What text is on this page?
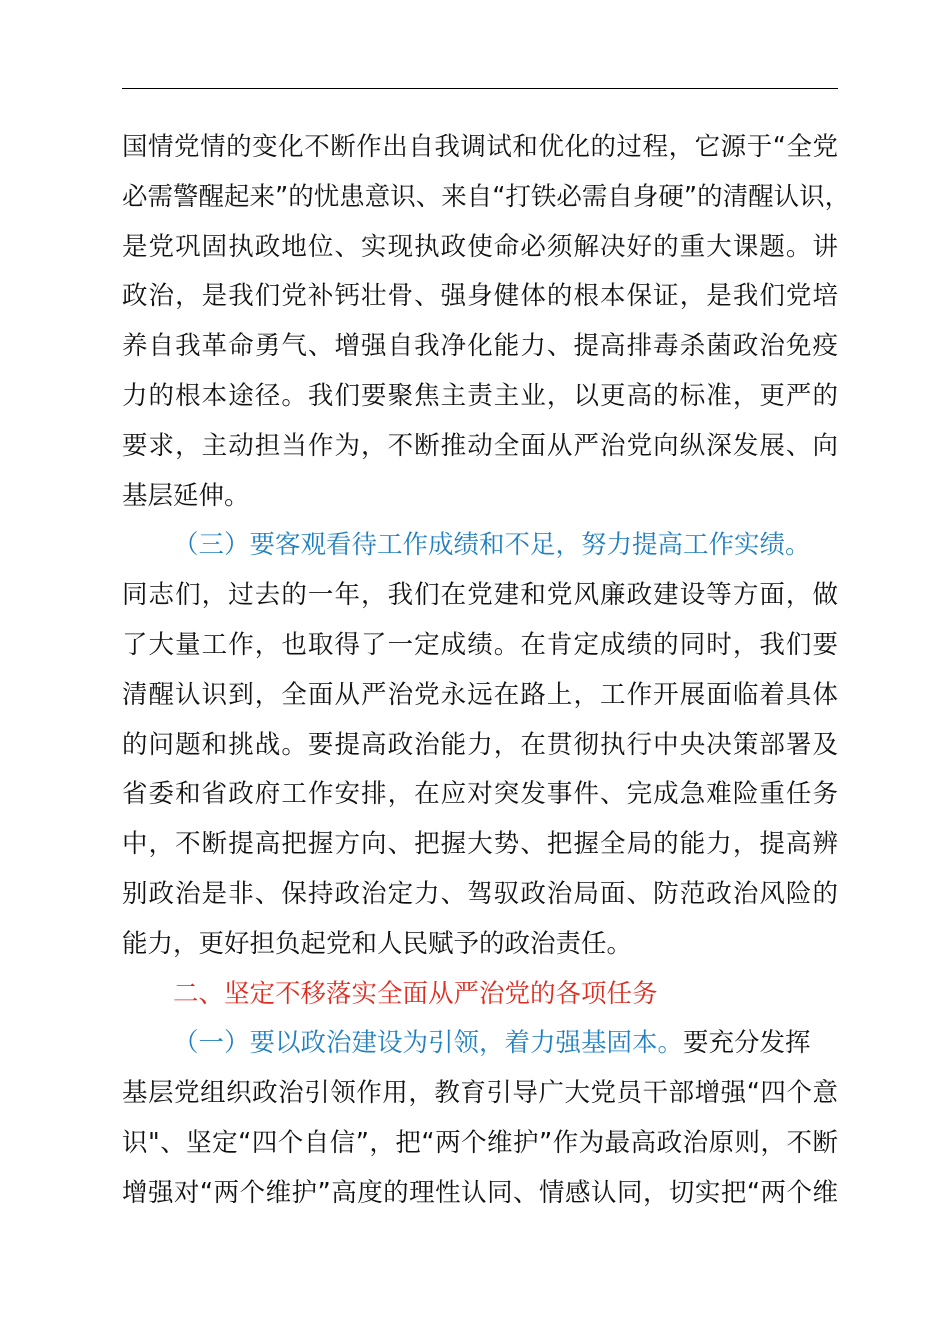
国情党情的变化不断作出自我调试和优化的过程，它源于“全党
必需警醒起来”的忧患意识、来自“打铁必需自身硬”的清醒认识，
是党巩固执政地位、实现执政使命必须解决好的重大课题。讲
政治，是我们党补钙壮骨、强身健体的根本保证，是我们党培
养自我革命勇气、增强自我净化能力、提高排毒杀菌政治免疫
力的根本途径。我们要聚焦主责主业，以更高的标准，更严的
要求，主动担当作为，不断推动全面从严治党向纵深发展、向
基层延伸。
（三）要客观看待工作成绩和不足，努力提高工作实绩。
同志们，过去的一年，我们在党建和党风廉政建设等方面，做
了大量工作，也取得了一定成绩。在肯定成绩的同时，我们要
清醒认识到，全面从严治党永远在路上，工作开展面临着具体
的问题和挑战。要提高政治能力，在贯彻执行中央决策部署及
省委和省政府工作安排，在应对突发事件、完成急难险重任务
中，不断提高把握方向、把握大势、把握全局的能力，提高辨
别政治是非、保持政治定力、驾驭政治局面、防范政治风险的
能力，更好担负起党和人民赋予的政治责任。
二、坚定不移落实全面从严治党的各项任务
（一）要以政治建设为引领，着力强基固本。要充分发挥
基层党组织政治引领作用，教育引导广大党员干部增强“四个意
识"、坚定“四个自信”，把“两个维护”作为最高政治原则，不断
增强对“两个维护”高度的理性认同、情感认同，切实把“两个维
